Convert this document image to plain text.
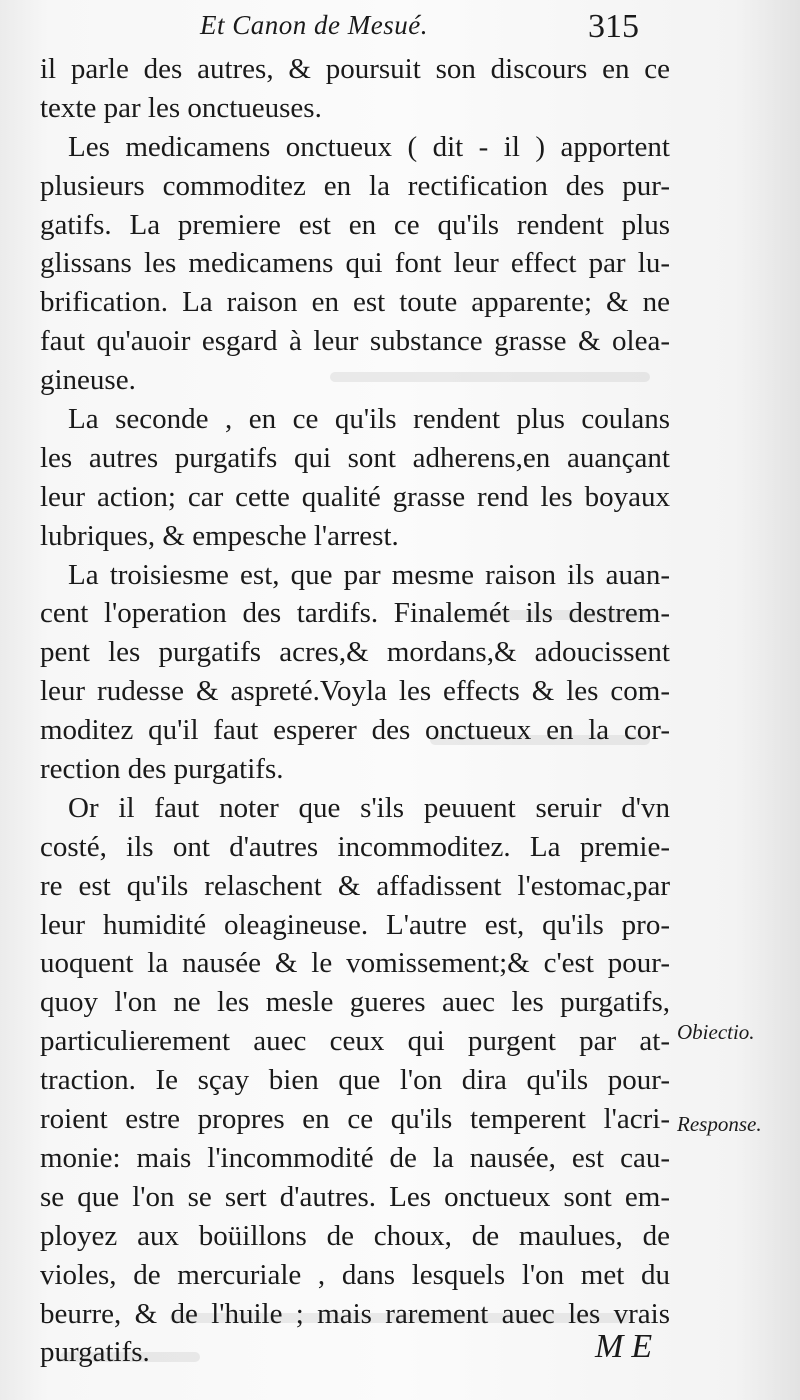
Et Canon de Mesué.	315
il parle des autres, & poursuit son discours en ce
texte par les onctueuses.
Les medicamens onctueux ( dit - il ) apportent
plusieurs commoditez en la rectification des pur-
gatifs. La premiere est en ce qu'ils rendent plus
glissans les medicamens qui font leur effect par lu-
brification. La raison en est toute apparente; & ne
faut qu'auoir esgard à leur substance grasse & olea-
gineuse.
La seconde , en ce qu'ils rendent plus coulans
les autres purgatifs qui sont adherens,en auançant
leur action; car cette qualité grasse rend les boyaux
lubriques, & empesche l'arrest.
La troisiesme est, que par mesme raison ils auan-
cent l'operation des tardifs. Finalemét ils destrem-
pent les purgatifs acres,& mordans,& adoucissent
leur rudesse & aspreté.Voyla les effects & les com-
moditez qu'il faut esperer des onctueux en la cor-
rection des purgatifs.
Or il faut noter que s'ils peuuent seruir d'vn
costé, ils ont d'autres incommoditez. La premie-
re est qu'ils relaschent & affadissent l'estomac,par
leur humidité oleagineuse. L'autre est, qu'ils pro-
uoquent la nausée & le vomissement;& c'est pour-
quoy l'on ne les mesle gueres auec les purgatifs,
particulierement auec ceux qui purgent par at-
traction. Ie sçay bien que l'on dira qu'ils pour-
roient estre propres en ce qu'ils temperent l'acri-
monie: mais l'incommodité de la nausée, est cau-
se que l'on se sert d'autres. Les onctueux sont em-
ployez aux boüillons de choux, de maulues, de
violes, de mercuriale , dans lesquels l'on met du
beurre, & de l'huile ; mais rarement auec les vrais
purgatifs.
Obiectio.
Response.
ME
